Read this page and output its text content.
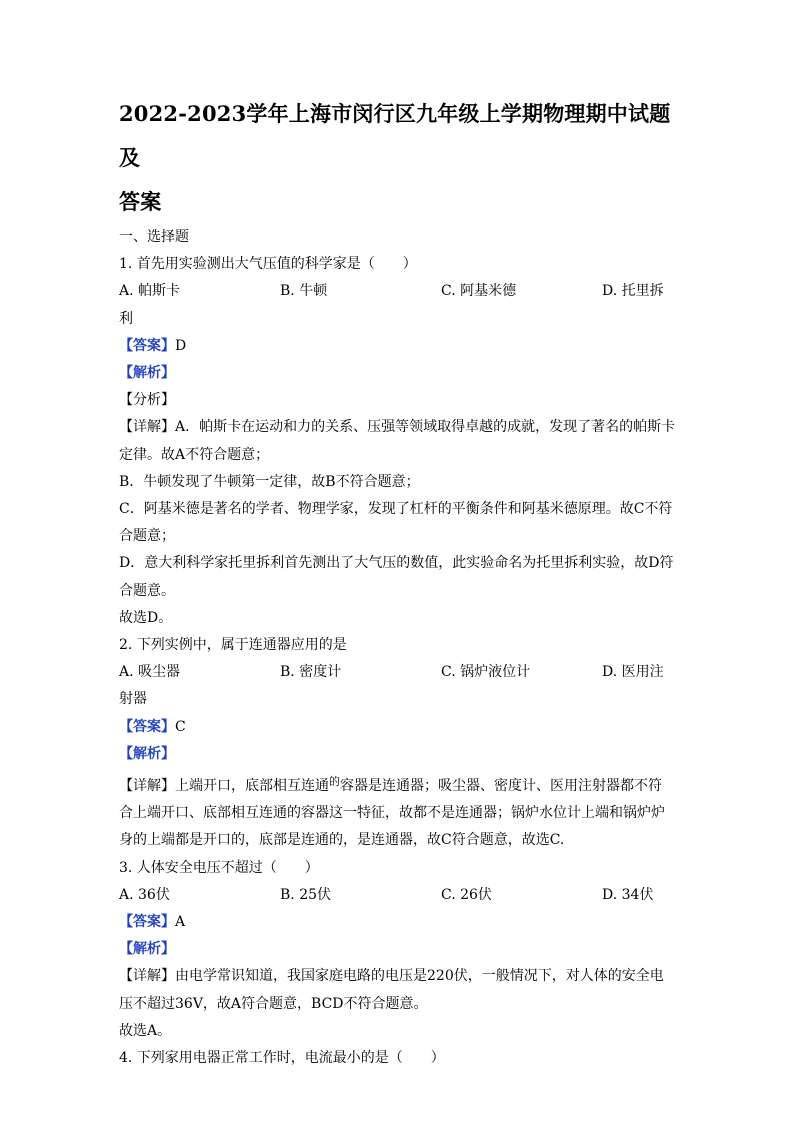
2022-2023学年上海市闵行区九年级上学期物理期中试题及
答案
一、选择题
1. 首先用实验测出大气压值的科学家是（　　）
A. 帕斯卡	B. 牛顿	C. 阿基米德	D. 托里拆
利
【答案】D
【解析】
【分析】
【详解】A．帕斯卡在运动和力的关系、压强等领域取得卓越的成就，发现了著名的帕斯卡
定律。故A不符合题意；
B．牛顿发现了牛顿第一定律，故B不符合题意；
C．阿基米德是著名的学者、物理学家，发现了杠杆的平衡条件和阿基米德原理。故C不符
合题意；
D．意大利科学家托里拆利首先测出了大气压的数值，此实验命名为托里拆利实验，故D符
合题意。
故选D。
2. 下列实例中，属于连通器应用的是
A. 吸尘器	B. 密度计	C. 锅炉液位计	D. 医用注
射器
【答案】C
【解析】
【详解】上端开口，底部相互连通$^的$容器是连通器；吸尘器、密度计、医用注射器都不符
合上端开口、底部相互连通的容器这一特征，故都不是连通器；锅炉水位计上端和锅炉炉
身的上端都是开口的，底部是连通的，是连通器，故C符合题意，故选C.
3. 人体安全电压不超过（　　）
A. 36伏	B. 25伏	C. 26伏	D. 34伏
【答案】A
【解析】
【详解】由电学常识知道，我国家庭电路的电压是220伏，一般情况下，对人体的安全电
压不超过36V，故A符合题意，BCD不符合题意。
故选A。
4. 下列家用电器正常工作时，电流最小的是（　　）
